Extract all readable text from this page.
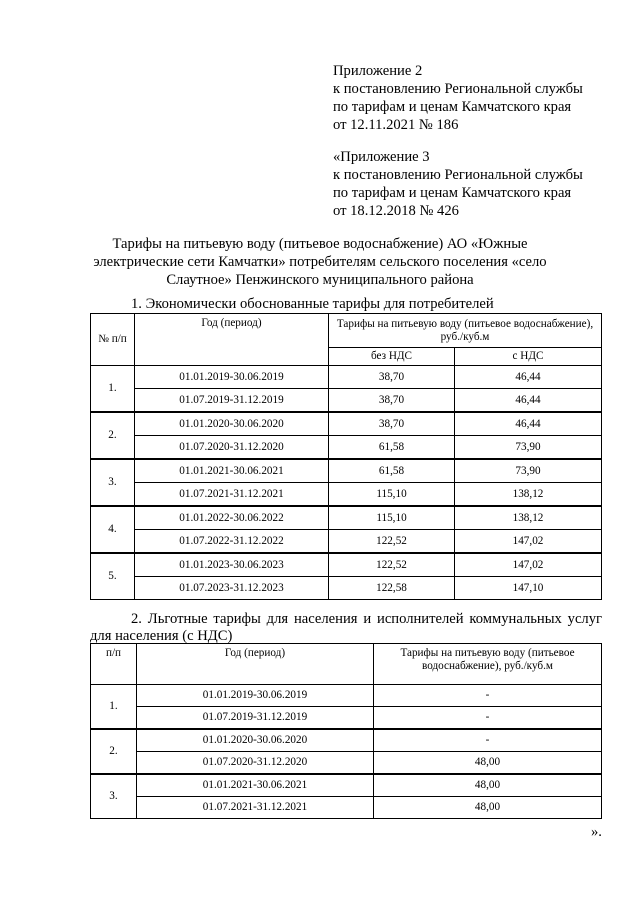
Приложение 2
к постановлению Региональной службы
по тарифам и ценам Камчатского края
от 12.11.2021 № 186
«Приложение 3
к постановлению Региональной службы
по тарифам и ценам Камчатского края
от 18.12.2018 № 426
Тарифы на питьевую воду (питьевое водоснабжение) АО «Южные
электрические сети Камчатки» потребителям сельского поселения «село
Слаутное» Пенжинского муниципального района
1. Экономически обоснованные тарифы для потребителей
№ п/п	Год (период)	Тарифы на питьевую воду (питьевое водоснабжение), руб./куб.м	
		без НДС	с НДС
1.	01.01.2019-30.06.2019	38,70	46,44
	01.07.2019-31.12.2019	38,70	46,44
2.	01.01.2020-30.06.2020	38,70	46,44
	01.07.2020-31.12.2020	61,58	73,90
3.	01.01.2021-30.06.2021	61,58	73,90
	01.07.2021-31.12.2021	115,10	138,12
4.	01.01.2022-30.06.2022	115,10	138,12
	01.07.2022-31.12.2022	122,52	147,02
5.	01.01.2023-30.06.2023	122,52	147,02
	01.07.2023-31.12.2023	122,58	147,10
2. Льготные тарифы для населения и исполнителей коммунальных услуг
для населения (с НДС)
п/п	Год (период)	Тарифы на питьевую воду (питьевое водоснабжение), руб./куб.м
1.	01.01.2019-30.06.2019	-
	01.07.2019-31.12.2019	-
2.	01.01.2020-30.06.2020	-
	01.07.2020-31.12.2020	48,00
3.	01.01.2021-30.06.2021	48,00
	01.07.2021-31.12.2021	48,00
».
